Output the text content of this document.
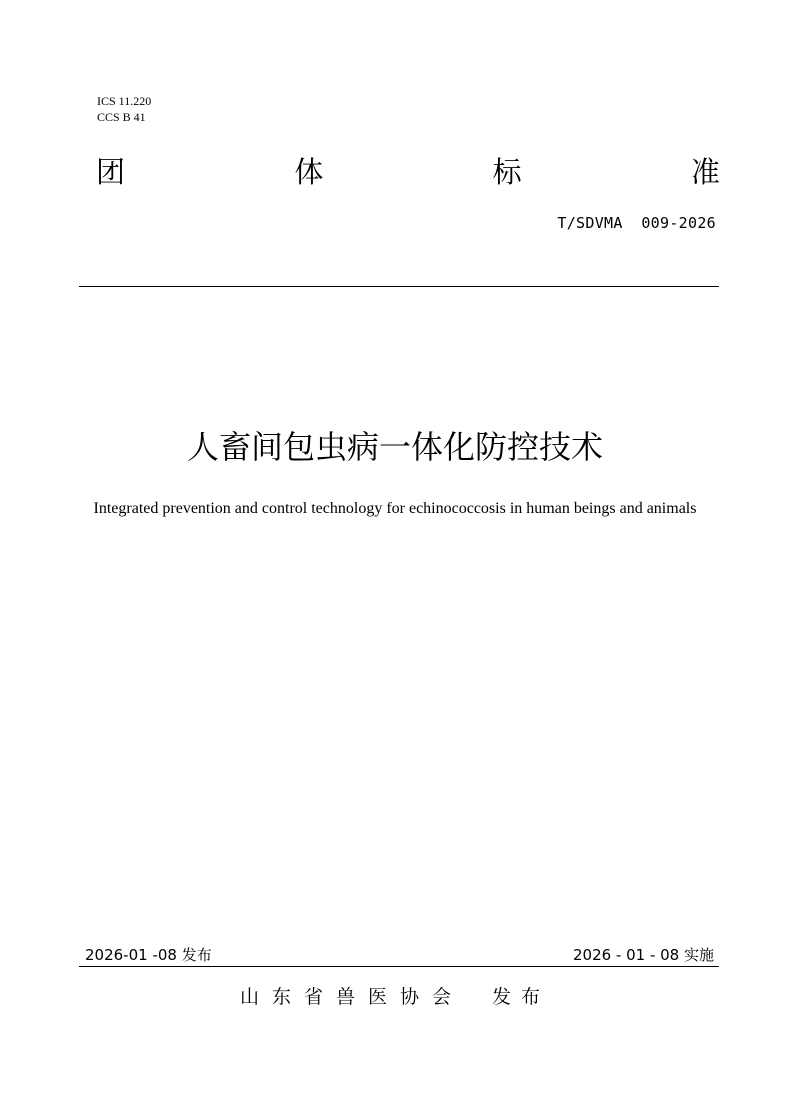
ICS 11.220
CCS B 41
团	体	标	准
T/SDVMA  009-2026
人畜间包虫病一体化防控技术
Integrated prevention and control technology for echinococcosis in human beings and animals
2026-01 -08 发布	2026 - 01 - 08 实施
山东省兽医协会 发布
